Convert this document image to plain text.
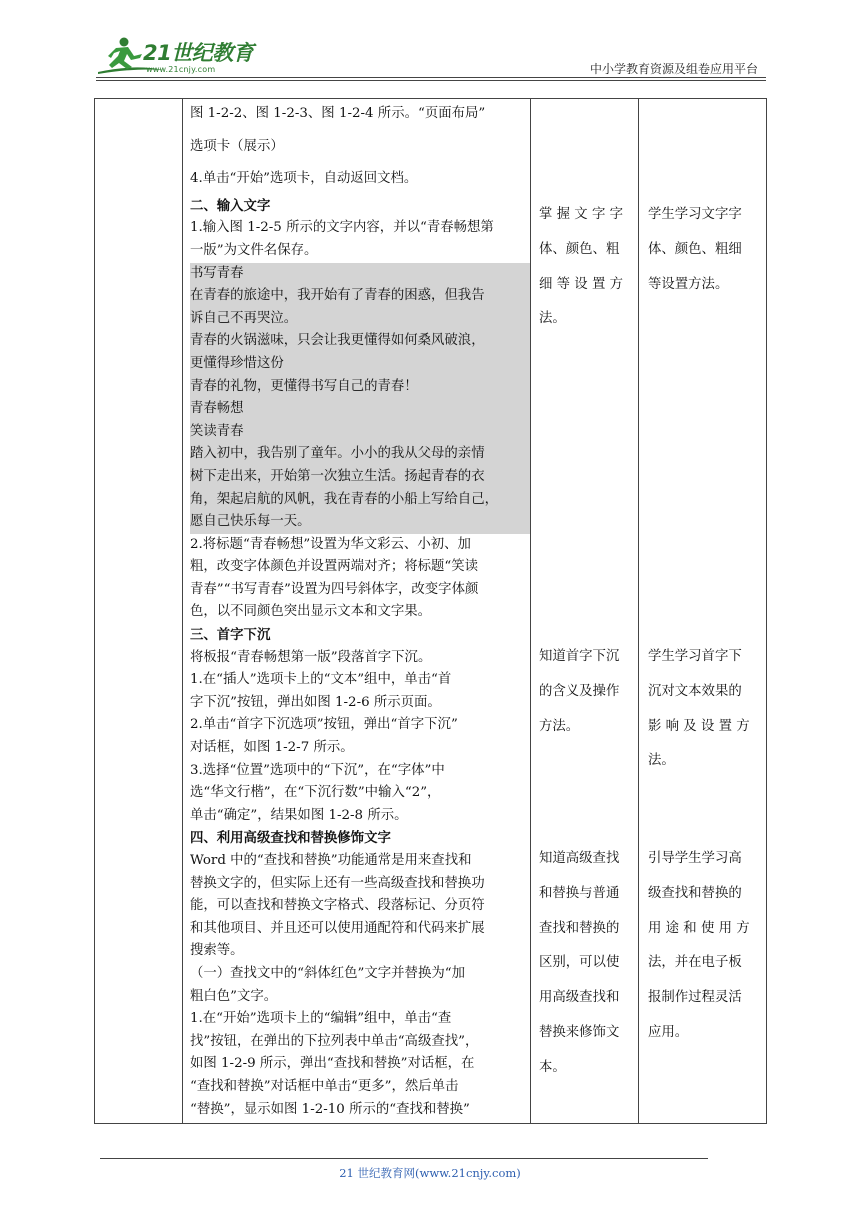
21世纪教育
www.21cnjy.com	中小学教育资源及组卷应用平台
图 1-2-2、图 1-2-3、图 1-2-4 所示。“页面布局”
选项卡（展示）
4.单击“开始”选项卡，自动返回文档。
二、输入文字
1.输入图 1-2-5 所示的文字内容，并以“青春畅想第
一版”为文件名保存。
书写青春
在青春的旅途中，我开始有了青春的困惑，但我告
诉自己不再哭泣。
青春的火锅滋味，只会让我更懂得如何桑风破浪，
更懂得珍惜这份
青春的礼物，更懂得书写自己的青春！
青春畅想
笑读青春
踏入初中，我告别了童年。小小的我从父母的亲情
树下走出来，开始第一次独立生活。扬起青春的衣
角，架起启航的风帆，我在青春的小船上写给自己，
愿自己快乐每一天。
2.将标题“青春畅想”设置为华文彩云、小初、加
粗，改变字体颜色并设置两端对齐；将标题“笑读
青春”“书写青春”设置为四号斜体字，改变字体颜
色，以不同颜色突出显示文本和文字果。
三、首字下沉
将板报“青春畅想第一版”段落首字下沉。
1.在“插人”选项卡上的“文本”组中，单击“首
字下沉”按钮，弹出如图 1-2-6 所示页面。
2.单击“首字下沉选项”按钮，弹出“首字下沉”
对话框，如图 1-2-7 所示。
3.选择“位置”选项中的“下沉”，在“字体”中
选“华文行楷”，在“下沉行数”中输入“2”，
单击“确定”，结果如图 1-2-8 所示。
四、利用高级查找和替换修饰文字
Word 中的“查找和替换”功能通常是用来查找和
替换文字的，但实际上还有一些高级查找和替换功
能，可以查找和替换文字格式、段落标记、分页符
和其他项目、并且还可以使用通配符和代码来扩展
搜索等。
（一）查找文中的“斜体红色”文字并替换为“加
粗白色”文字。
1.在“开始”选项卡上的“编辑”组中，单击“查
找”按钮，在弹出的下拉列表中单击“高级查找”，
如图 1-2-9 所示，弹出“查找和替换”对话框，在
“查找和替换”对话框中单击“更多”，然后单击
“替换”，显示如图 1-2-10 所示的“查找和替换”
掌 握 文 字 字
体、颜色、粗
细 等 设 置 方
法。
知道首字下沉
的含义及操作
方法。
知道高级查找
和替换与普通
查找和替换的
区别，可以使
用高级查找和
替换来修饰文
本。
学生学习文字字
体、颜色、粗细
等设置方法。
学生学习首字下
沉对文本效果的
影 响 及 设 置 方
法。
引导学生学习高
级查找和替换的
用 途 和 使 用 方
法，并在电子板
报制作过程灵活
应用。
21 世纪教育网(www.21cnjy.com)
